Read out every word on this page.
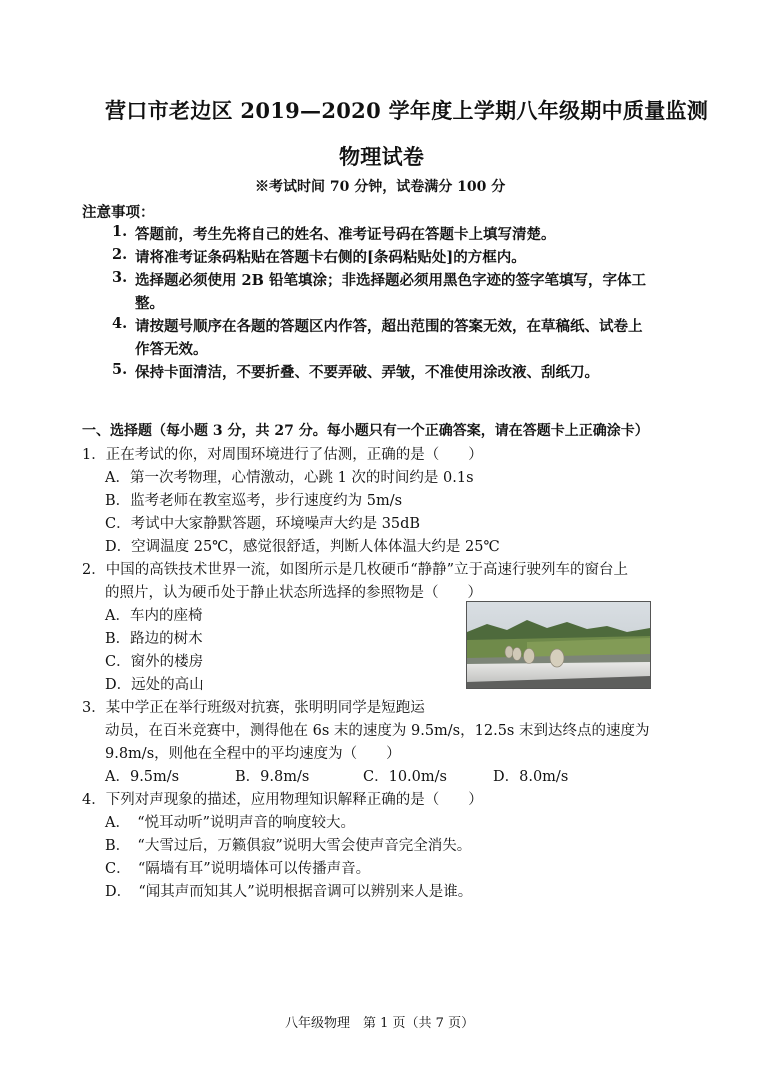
营口市老边区 2019—2020 学年度上学期八年级期中质量监测
物理试卷
※考试时间 70 分钟，试卷满分 100 分
注意事项：
1. 答题前，考生先将自己的姓名、准考证号码在答题卡上填写清楚。
2. 请将准考证条码粘贴在答题卡右侧的[条码粘贴处]的方框内。
3. 选择题必须使用 2B 铅笔填涂；非选择题必须用黑色字迹的签字笔填写，字体工
整。
4. 请按题号顺序在各题的答题区内作答，超出范围的答案无效，在草稿纸、试卷上
作答无效。
5. 保持卡面清洁，不要折叠、不要弄破、弄皱，不准使用涂改液、刮纸刀。
一、选择题（每小题 3 分，共 27 分。每小题只有一个正确答案，请在答题卡上正确涂卡）
1．正在考试的你，对周围环境进行了估测，正确的是（　　）
A．第一次考物理，心情激动，心跳 1 次的时间约是 0.1s
B．监考老师在教室巡考，步行速度约为 5m/s
C．考试中大家静默答题，环境噪声大约是 35dB
D．空调温度 25℃，感觉很舒适，判断人体体温大约是 25℃
2．中国的高铁技术世界一流，如图所示是几枚硬币“静静”立于高速行驶列车的窗台上
的照片，认为硬币处于静止状态所选择的参照物是（　　）
A．车内的座椅
B．路边的树木
C．窗外的楼房
D．远处的高山
3．某中学正在举行班级对抗赛，张明明同学是短跑运
动员，在百米竞赛中，测得他在 6s 末的速度为 9.5m/s，12.5s 末到达终点的速度为
9.8m/s，则他在全程中的平均速度为（　　）
A．9.5m/s	B．9.8m/s	C．10.0m/s	D．8.0m/s
4．下列对声现象的描述，应用物理知识解释正确的是（　　）
A．　“悦耳动听”说明声音的响度较大。
B．　“大雪过后，万籁俱寂”说明大雪会使声音完全消失。
C．　“隔墙有耳”说明墙体可以传播声音。
D．　“闻其声而知其人”说明根据音调可以辨别来人是谁。
八年级物理　第 1 页（共 7 页）
